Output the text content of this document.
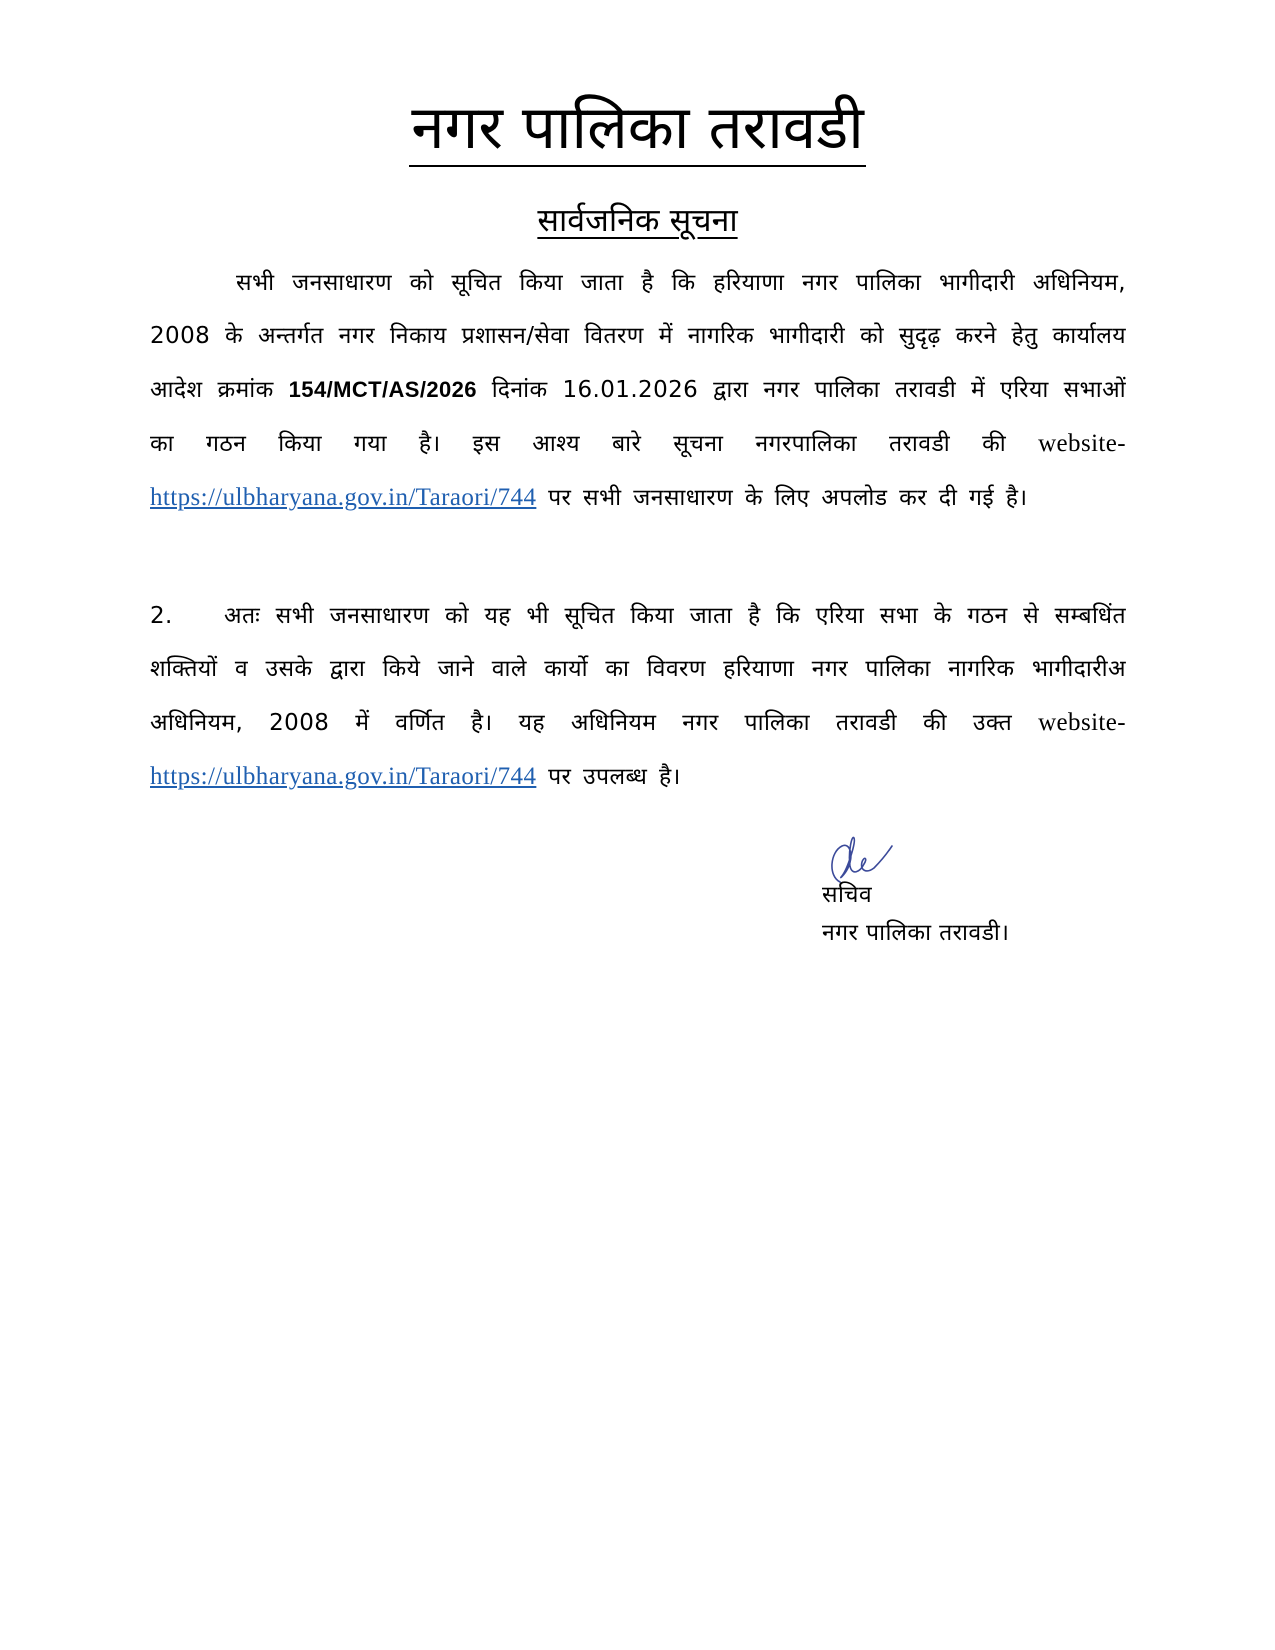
नगर पालिका तरावडी
सार्वजनिक सूचना
सभी जनसाधारण को सूचित किया जाता है कि हरियाणा नगर पालिका भागीदारी अधिनियम, 2008 के अन्तर्गत नगर निकाय प्रशासन/सेवा वितरण में नागरिक भागीदारी को सुदृढ़ करने हेतु कार्यालय आदेश क्रमांक 154/MCT/AS/2026 दिनांक 16.01.2026 द्वारा नगर पालिका तरावडी में एरिया सभाओं का गठन किया गया है। इस आश्य बारे सूचना नगरपालिका तरावडी की website- https://ulbharyana.gov.in/Taraori/744 पर सभी जनसाधारण के लिए अपलोड कर दी गई है।
2. अतः सभी जनसाधारण को यह भी सूचित किया जाता है कि एरिया सभा के गठन से सम्बधिंत शक्तियों व उसके द्वारा किये जाने वाले कार्यो का विवरण हरियाणा नगर पालिका नागरिक भागीदारीअ अधिनियम, 2008 में वर्णित है। यह अधिनियम नगर पालिका तरावडी की उक्त website- https://ulbharyana.gov.in/Taraori/744 पर उपलब्ध है।
सचिव
नगर पालिका तरावडी।
